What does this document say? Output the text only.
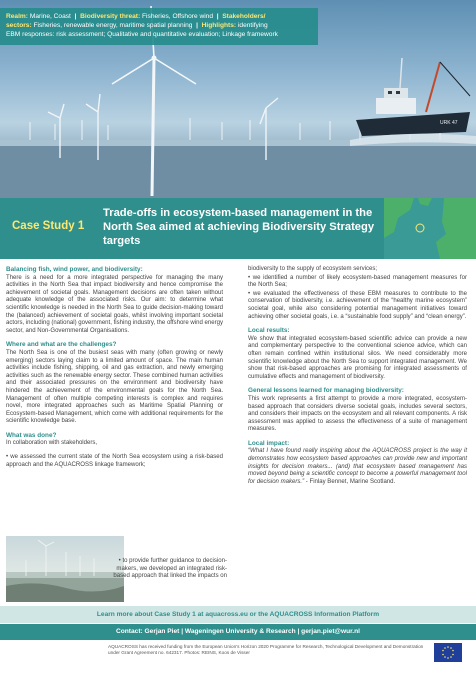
URK 47
Realm: Marine, Coast | Biodiversity threat: Fisheries, Offshore wind | Stakeholders/
sectors: Fisheries, renewable energy, maritime spatial planning | Highlights: identifying
EBM responses: risk assessment; Qualitative and quantitative evaluation; Linkage framework
Case Study 1
Trade-offs in ecosystem-based management in the North Sea aimed at achieving Biodiversity Strategy targets
Balancing fish, wind power, and biodiversity:

There is a need for a more integrated perspective for managing the many activities in the North Sea that impact biodiversity and hence compromise the achievement of societal goals. Management decisions are often taken without adequate knowledge of the associated risks. Our aim: to determine what scientific knowledge is needed in the North Sea to guide decision-making toward the (balanced) achievement of societal goals, whilst involving important societal actors, including (national) government, fishing industry, the offshore wind energy sector, and Non-Governmental Organisations.

Where and what are the challenges?

The North Sea is one of the busiest seas with many (often growing or newly emerging) sectors laying claim to a limited amount of space. The main human activities include fishing, shipping, oil and gas extraction, and newly emerging activities such as the renewable energy sector. These combined human activities and their associated pressures on the environment and biodiversity have hindered the achievement of the environmental goals for the North Sea. Management of often multiple competing interests is complex and requires novel, more integrated approaches such as Maritime Spatial Planning or Ecosystem-based Management, which come with additional requirements for the scientific knowledge base.

What was done?

In collaboration with stakeholders,

• we assessed the current state of the North Sea ecosystem using a risk-based approach and the AQUACROSS linkage framework;
• to provide further guidance to decision-makers, we developed an integrated risk-based approach that linked the impacts on
biodiversity to the supply of ecosystem services;
• we identified a number of likely ecosystem-based management measures for the North Sea;

• we evaluated the effectiveness of these EBM measures to contribute to the conservation of biodiversity, i.e. achievement of the “healthy marine ecosystem” societal goal, while also considering potential management initiatives toward achieving other societal goals, i.e. a “sustainable food supply” and “clean energy”.

Local results:

We show that integrated ecosystem-based scientific advice can provide a new and complementary perspective to the conventional science advice, which can often remain confined within institutional silos. We need considerably more scientific knowledge about the North Sea to support integrated management. We show that risk-based approaches are promising for integrated assessments of cumulative effects and management of biodiversity.

General lessons learned for managing biodiversity:

This work represents a first attempt to provide a more integrated, ecosystem-based approach that considers diverse societal goals, includes several sectors, and considers their impacts on the ecosystem and all relevant components. A risk assessment was applied to assess the effectiveness of a suite of management measures.

Local impact:

“What I have found really inspiring about the AQUACROSS project is the way it demonstrates how ecosystem based approaches can provide new and important insights for decision makers... (and) that ecosystem based management has moved beyond being a scientific concept to become a powerful management tool for decision makers.” - Finlay Bennet, Marine Scotland.

Learn more about Case Study 1 at aquacross.eu or the AQUACROSS Information Platform
Contact: Gerjan Piet | Wageningen University & Research | gerjan.piet@wur.nl
AQUACROSS has received funding from the European Union's Horizon 2020 Programme for Research, Technological Development and Demonstration under Grant Agreement no. 642317. Photos: REINS, Koos de Visser
